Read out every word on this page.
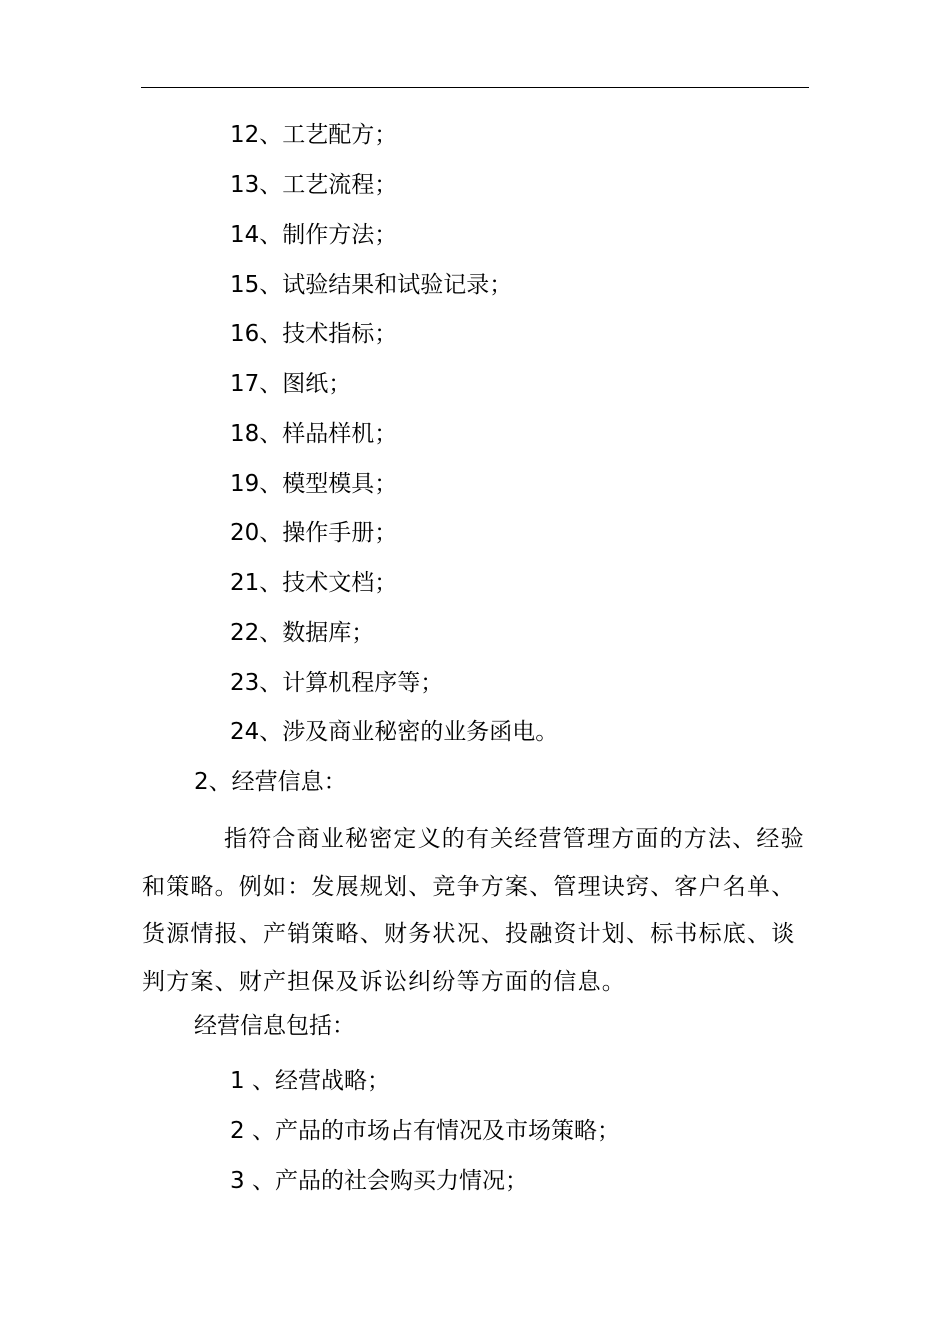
12、工艺配方；
13、工艺流程；
14、制作方法；
15、试验结果和试验记录；
16、技术指标；
17、图纸；
18、样品样机；
19、模型模具；
20、操作手册；
21、技术文档；
22、数据库；
23、计算机程序等；
24、涉及商业秘密的业务函电。
2、经营信息：

指符合商业秘密定义的有关经营管理方面的方法、经验和策略。例如：发展规划、竞争方案、管理诀窍、客户名单、货源情报、产销策略、财务状况、投融资计划、标书标底、谈判方案、财产担保及诉讼纠纷等方面的信息。

经营信息包括：
1 、经营战略；
2 、产品的市场占有情况及市场策略；
3 、产品的社会购买力情况；
